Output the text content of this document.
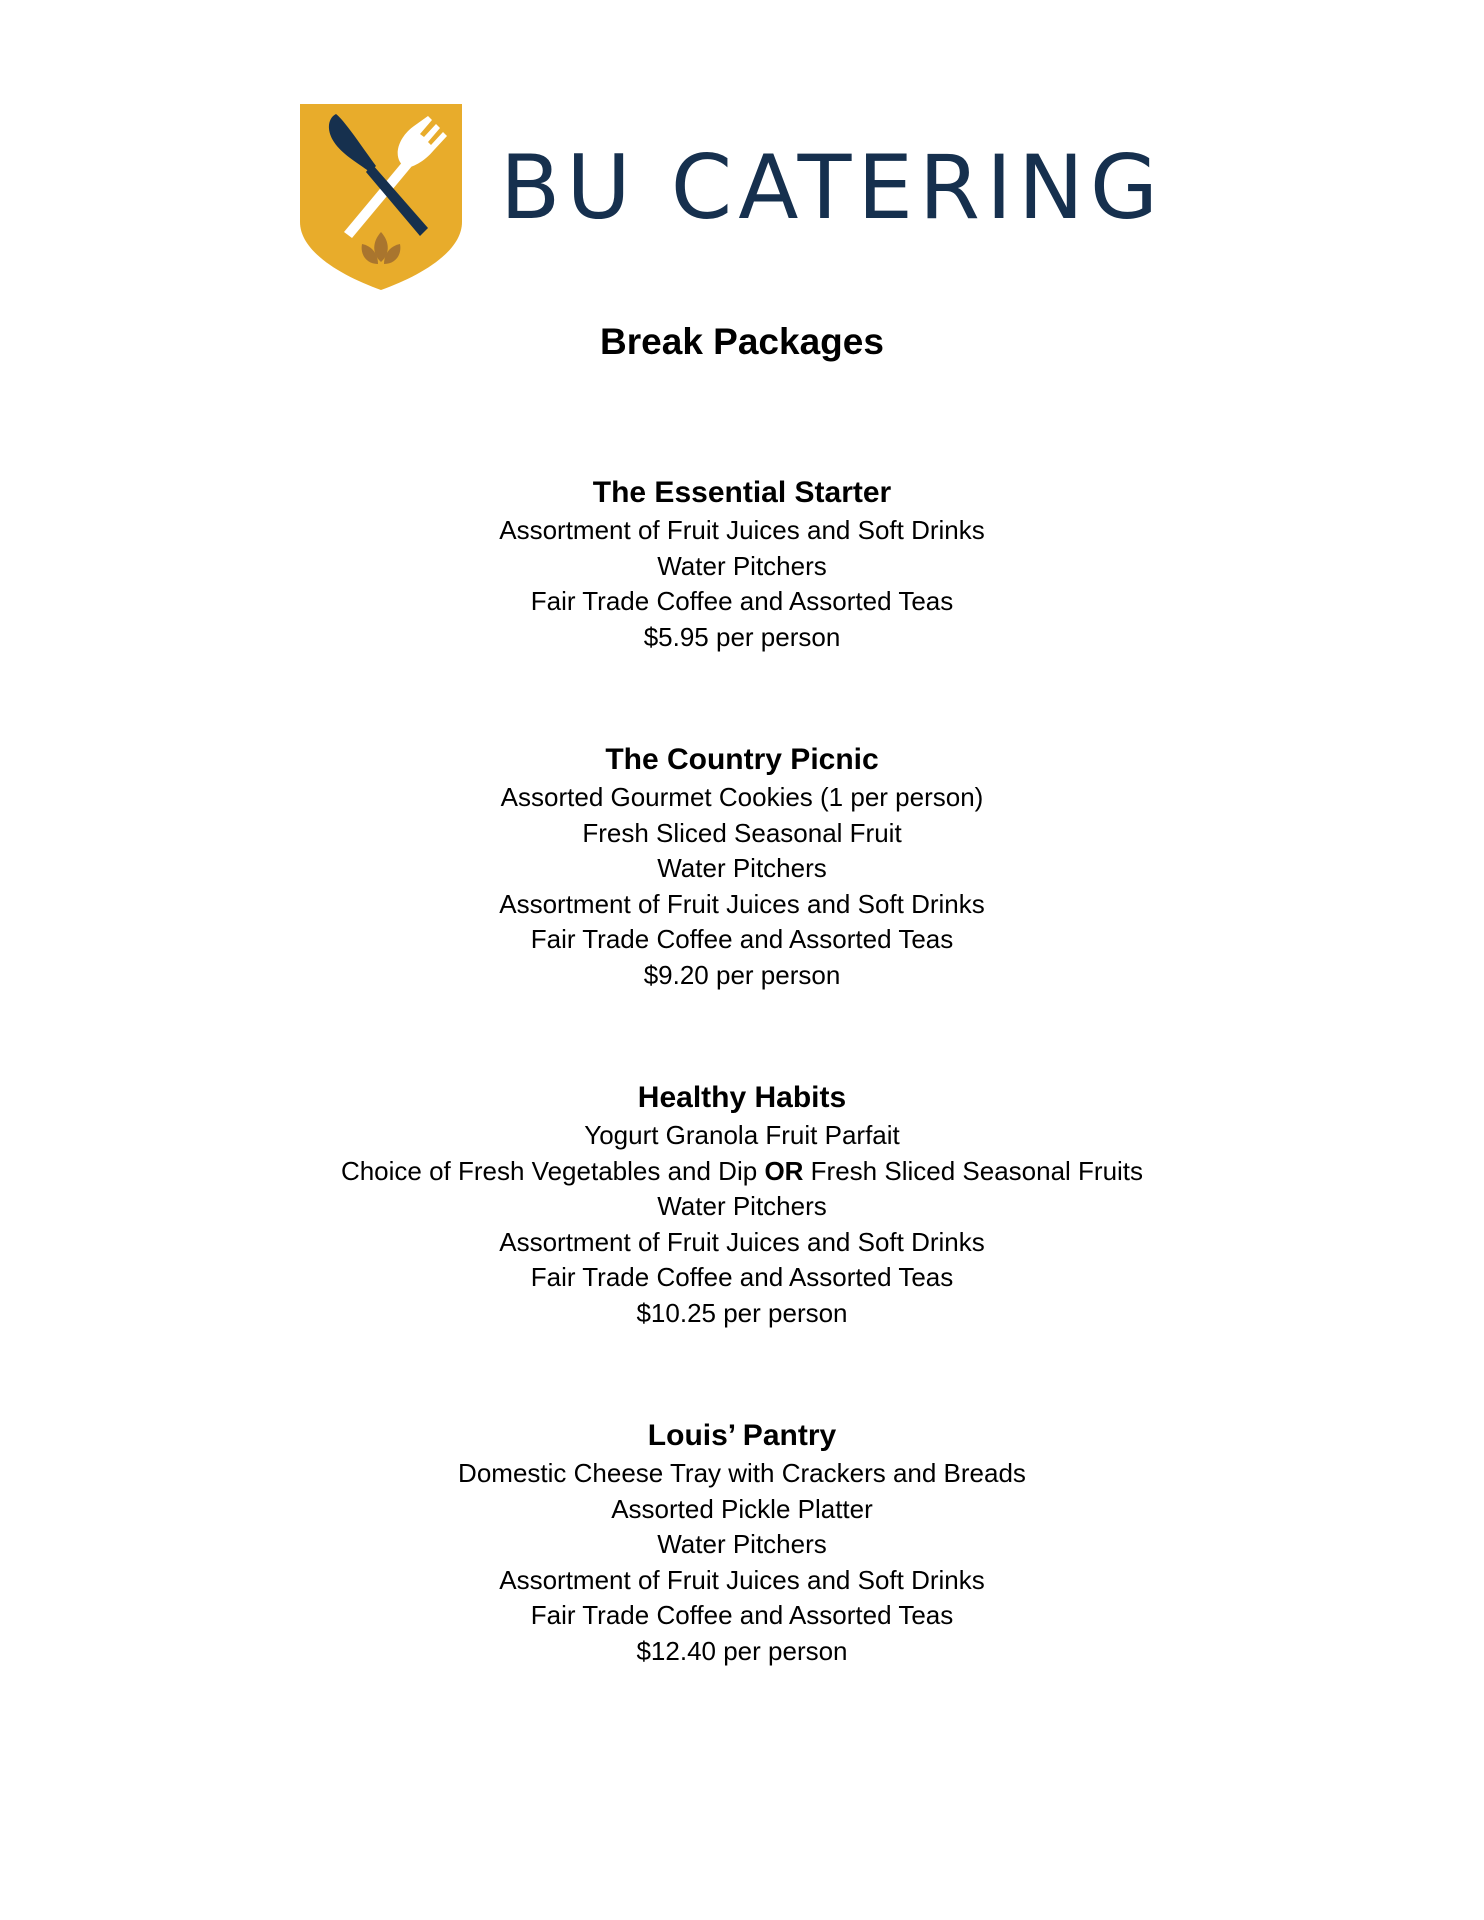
BU CATERING
Break Packages

The Essential Starter

Assortment of Fruit Juices and Soft Drinks

Water Pitchers

Fair Trade Coffee and Assorted Teas

$5.95 per person

The Country Picnic

Assorted Gourmet Cookies (1 per person)

Fresh Sliced Seasonal Fruit

Water Pitchers

Assortment of Fruit Juices and Soft Drinks

Fair Trade Coffee and Assorted Teas

$9.20 per person

Healthy Habits

Yogurt Granola Fruit Parfait

Choice of Fresh Vegetables and Dip OR Fresh Sliced Seasonal Fruits

Water Pitchers

Assortment of Fruit Juices and Soft Drinks

Fair Trade Coffee and Assorted Teas

$10.25 per person

Louis’ Pantry

Domestic Cheese Tray with Crackers and Breads

Assorted Pickle Platter

Water Pitchers

Assortment of Fruit Juices and Soft Drinks

Fair Trade Coffee and Assorted Teas

$12.40 per person
